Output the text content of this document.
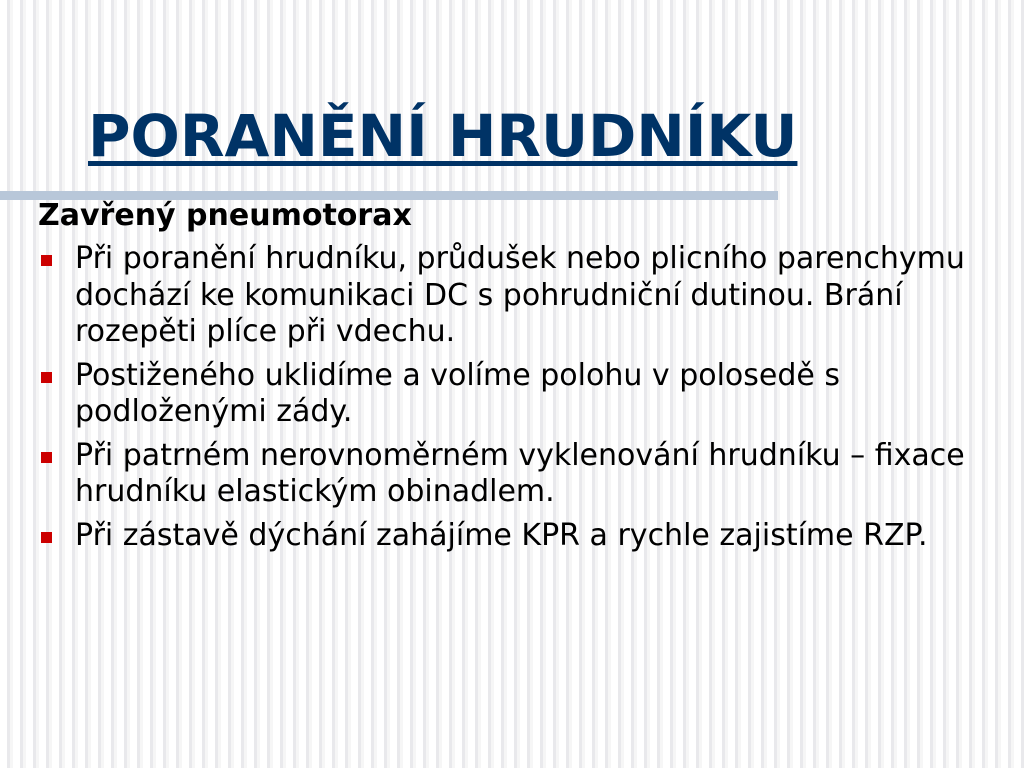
PORANĚNÍ HRUDNÍKU
Zavřený pneumotorax
Při poranění hrudníku, průdušek nebo plicního parenchymu dochází ke komunikaci DC s pohrudniční dutinou. Brání rozepěti plíce při vdechu.
Postiženého uklidíme a volíme polohu v polosedě s podloženými zády.
Při patrném nerovnoměrném vyklenování hrudníku – fixace hrudníku elastickým obinadlem.
Při zástavě dýchání zahájíme KPR a rychle zajistíme RZP.
